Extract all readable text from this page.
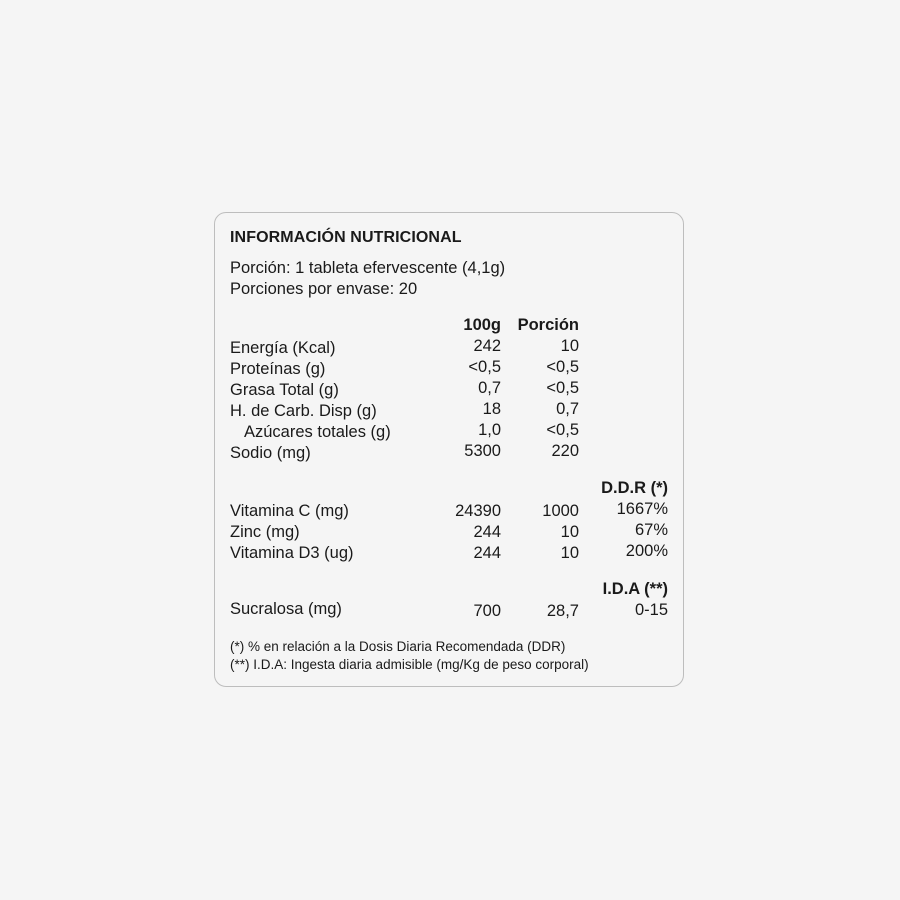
INFORMACIÓN NUTRICIONAL
Porción: 1 tableta efervescente (4,1g)
Porciones por envase: 20
100g Porción
Energía (Kcal)	242	10
Proteínas (g)	<0,5	<0,5
Grasa Total (g)	0,7	<0,5
H. de Carb. Disp (g)	18	0,7
Azúcares totales (g)	1,0	<0,5
Sodio (mg)	5300	220
D.D.R (*)
Vitamina C (mg)	24390	1000 1667%
Zinc (mg)	244	10	67%
Vitamina D3 (ug)	244	10	200%
I.D.A (**)
Sucralosa (mg)	700	28,7	0-15
(*) % en relación a la Dosis Diaria Recomendada (DDR)
(**) I.D.A: Ingesta diaria admisible (mg/Kg de peso corporal)
